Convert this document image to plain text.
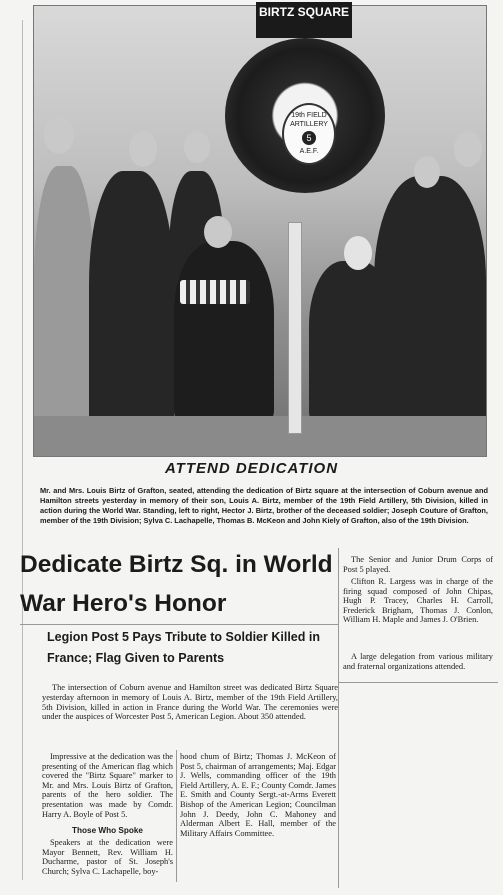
BIRTZ SQUARE
19th FIELD ARTILLERY
5
A.E.F.
ATTEND DEDICATION
Mr. and Mrs. Louis Birtz of Grafton, seated, attending the dedication of Birtz square at the intersection of Coburn avenue and Hamilton streets yesterday in memory of their son, Louis A. Birtz, member of the 19th Field Artillery, 5th Division, killed in action during the World War. Standing, left to right, Hector J. Birtz, brother of the deceased soldier; Joseph Couture of Grafton, member of the 19th Division; Sylva C. Lachapelle, Thomas B. McKeon and John Kiely of Grafton, also of the 19th Division.
Dedicate Birtz Sq. in World War Hero's Honor
Legion Post 5 Pays Tribute to Soldier Killed in France; Flag Given to Parents
The intersection of Coburn avenue and Hamilton street was dedicated Birtz Square yesterday afternoon in memory of Louis A. Birtz, member of the 19th Field Artillery, 5th Division, killed in action in France during the World War. The ceremonies were under the auspices of Worcester Post 5, American Legion. About 350 attended.
Impressive at the dedication was the presenting of the American flag which covered the "Birtz Square" marker to Mr. and Mrs. Louis Birtz of Grafton, parents of the hero soldier. The presentation was made by Comdr. Harry A. Boyle of Post 5.
Those Who Spoke
Speakers at the dedication were Mayor Bennett, Rev. William H. Ducharme, pastor of St. Joseph's Church; Sylva C. Lachapelle, boy-
hood chum of Birtz; Thomas J. McKeon of Post 5, chairman of arrangements; Maj. Edgar J. Wells, commanding officer of the 19th Field Artillery, A. E. F.; County Comdr. James E. Smith and County Sergt.-at-Arms Everett Bishop of the American Legion; Councilman John J. Deedy, John C. Mahoney and Alderman Albert E. Hall, member of the Military Affairs Committee.
The Senior and Junior Drum Corps of Post 5 played.
Clifton R. Largess was in charge of the firing squad composed of John Chipas, Hugh P. Tracey, Charles H. Carroll, Frederick Brigham, Thomas J. Conlon, William H. Maple and James J. O'Brien.
A large delegation from various military and fraternal organizations attended.
